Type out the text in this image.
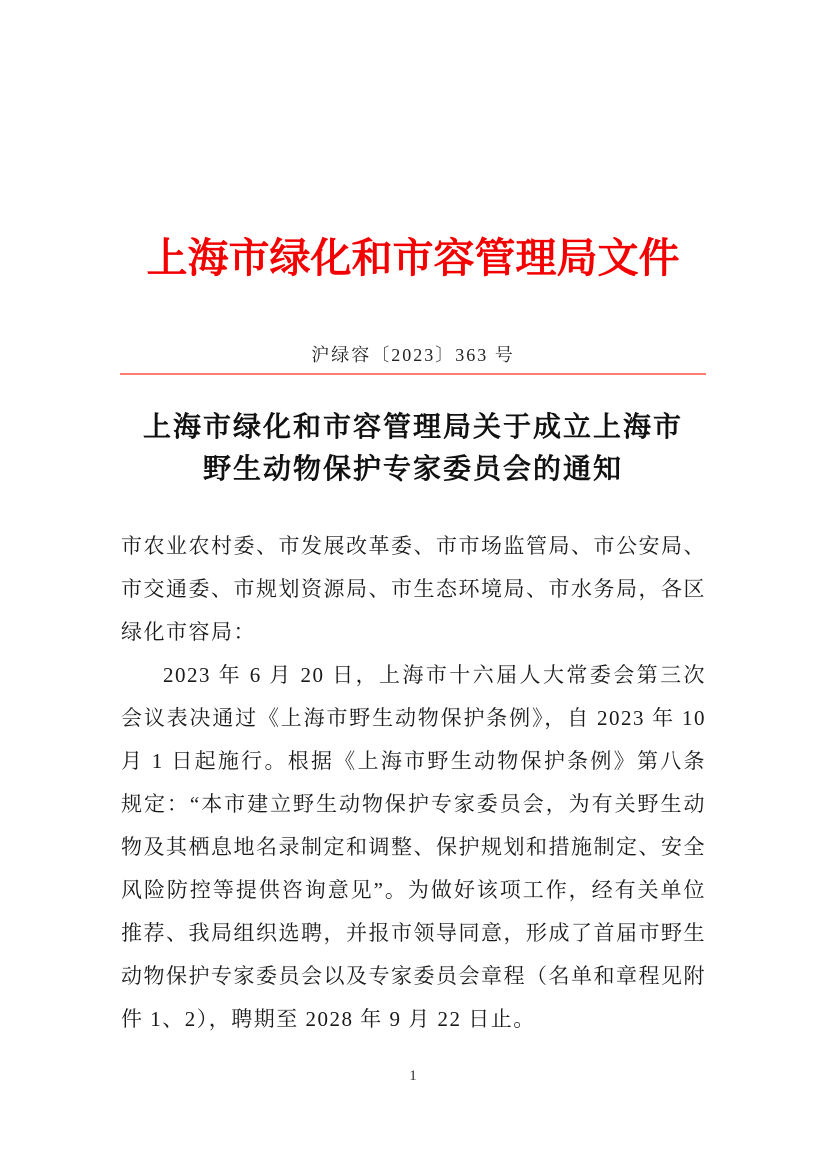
上海市绿化和市容管理局文件
沪绿容〔2023〕363 号
上海市绿化和市容管理局关于成立上海市
野生动物保护专家委员会的通知

市农业农村委、市发展改革委、市市场监管局、市公安局、市交通委、市规划资源局、市生态环境局、市水务局，各区绿化市容局：

2023 年 6 月 20 日，上海市十六届人大常委会第三次会议表决通过《上海市野生动物保护条例》，自 2023 年 10 月 1 日起施行。根据《上海市野生动物保护条例》第八条规定：“本市建立野生动物保护专家委员会，为有关野生动物及其栖息地名录制定和调整、保护规划和措施制定、安全风险防控等提供咨询意见”。为做好该项工作，经有关单位推荐、我局组织选聘，并报市领导同意，形成了首届市野生动物保护专家委员会以及专家委员会章程（名单和章程见附件 1、2），聘期至 2028 年 9 月 22 日止。

1
